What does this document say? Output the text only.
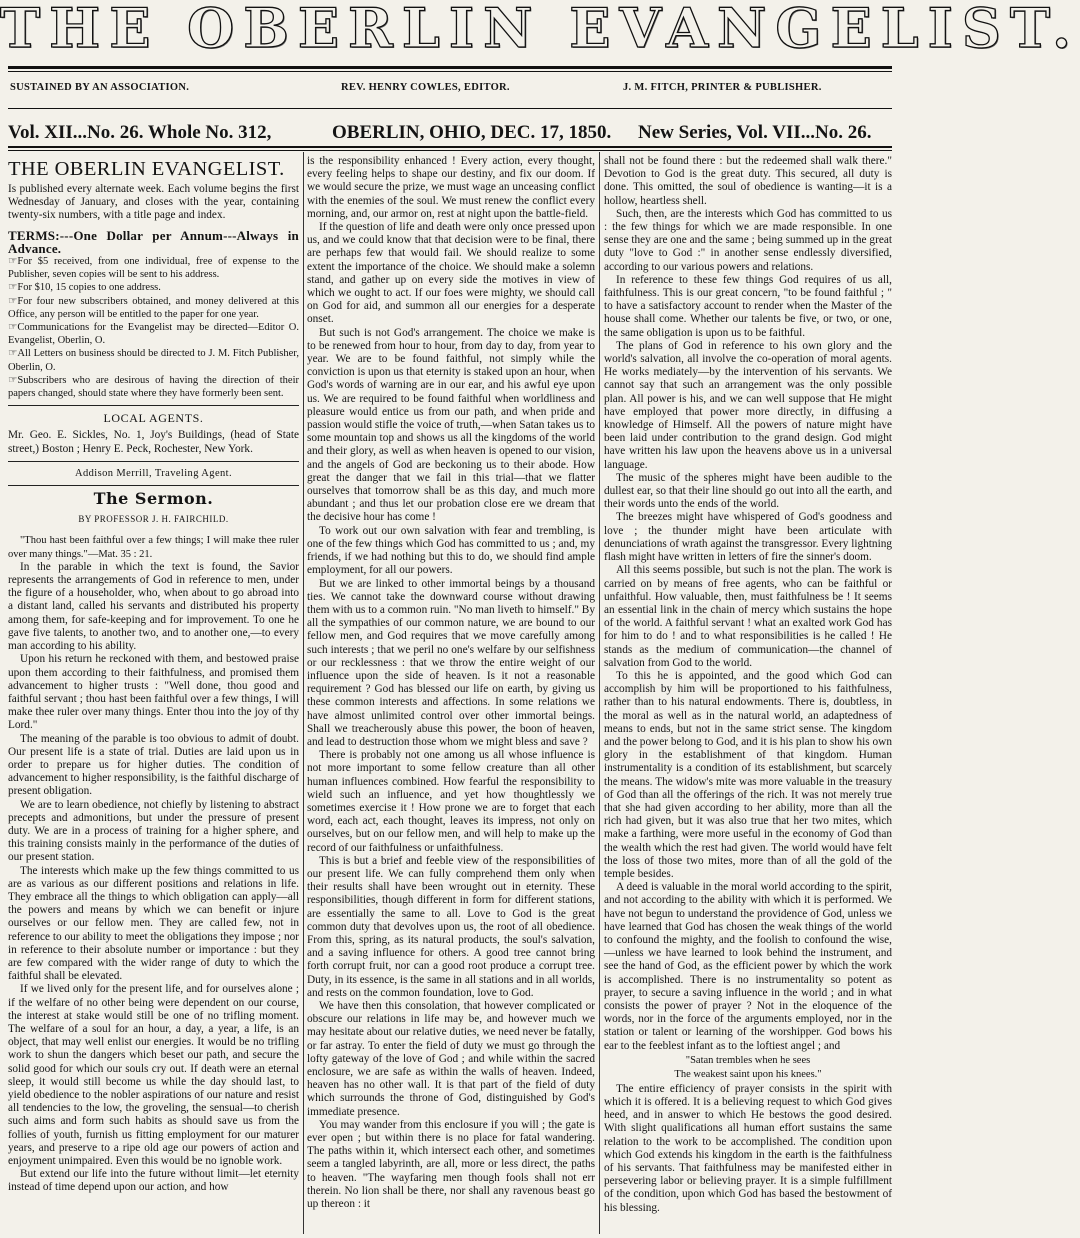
THE OBERLIN EVANGELIST.
SUSTAINED BY AN ASSOCIATION.	REV. HENRY COWLES, EDITOR.	J. M. FITCH, PRINTER & PUBLISHER.
Vol. XII...No. 26. Whole No. 312,	OBERLIN, OHIO, DEC. 17, 1850. New Series, Vol. VII...No. 26.
THE OBERLIN EVANGELIST.

Is published every alternate week. Each volume begins the first Wednesday of January, and closes with the year, containing twenty-six numbers, with a title page and index.

TERMS:---One Dollar per Annum---Always in Advance.

☞For $5 received, from one individual, free of expense to the Publisher, seven copies will be sent to his address.

☞For $10, 15 copies to one address.

☞For four new subscribers obtained, and money delivered at this Office, any person will be entitled to the paper for one year.

☞Communications for the Evangelist may be directed—Editor O. Evangelist, Oberlin, O.

☞All Letters on business should be directed to J. M. Fitch Publisher, Oberlin, O.

☞Subscribers who are desirous of having the direction of their papers changed, should state where they have formerly been sent.

LOCAL AGENTS.

Mr. Geo. E. Sickles, No. 1, Joy's Buildings, (head of State street,) Boston ; Henry E. Peck, Rochester, New York.

Addison Merrill, Traveling Agent.
The Sermon.
BY PROFESSOR J. H. FAIRCHILD.

"Thou hast been faithful over a few things; I will make thee ruler over many things."—Mat. 35 : 21.

In the parable in which the text is found, the Savior represents the arrangements of God in reference to men, under the figure of a householder, who, when about to go abroad into a distant land, called his servants and distributed his property among them, for safe-keeping and for improvement. To one he gave five talents, to another two, and to another one,—to every man according to his ability.

Upon his return he reckoned with them, and bestowed praise upon them according to their faithfulness, and promised them advancement to higher trusts : "Well done, thou good and faithful servant ; thou hast been faithful over a few things, I will make thee ruler over many things. Enter thou into the joy of thy Lord."

The meaning of the parable is too obvious to admit of doubt. Our present life is a state of trial. Duties are laid upon us in order to prepare us for higher duties. The condition of advancement to higher responsibility, is the faithful discharge of present obligation.

We are to learn obedience, not chiefly by listening to abstract precepts and admonitions, but under the pressure of present duty. We are in a process of training for a higher sphere, and this training consists mainly in the performance of the duties of our present station.

The interests which make up the few things committed to us are as various as our different positions and relations in life. They embrace all the things to which obligation can apply—all the powers and means by which we can benefit or injure ourselves or our fellow men. They are called few, not in reference to our ability to meet the obligations they impose ; nor in reference to their absolute number or importance : but they are few compared with the wider range of duty to which the faithful shall be elevated.

If we lived only for the present life, and for ourselves alone ; if the welfare of no other being were dependent on our course, the interest at stake would still be one of no trifling moment. The welfare of a soul for an hour, a day, a year, a life, is an object, that may well enlist our energies. It would be no trifling work to shun the dangers which beset our path, and secure the solid good for which our souls cry out. If death were an eternal sleep, it would still become us while the day should last, to yield obedience to the nobler aspirations of our nature and resist all tendencies to the low, the groveling, the sensual—to cherish such aims and form such habits as should save us from the follies of youth, furnish us fitting employment for our maturer years, and preserve to a ripe old age our powers of action and enjoyment unimpaired. Even this would be no ignoble work.

But extend our life into the future without limit—let eternity instead of time depend upon our action, and how

is the responsibility enhanced ! Every action, every thought, every feeling helps to shape our destiny, and fix our doom. If we would secure the prize, we must wage an unceasing conflict with the enemies of the soul. We must renew the conflict every morning, and, our armor on, rest at night upon the battle-field.

If the question of life and death were only once pressed upon us, and we could know that that decision were to be final, there are perhaps few that would fail. We should realize to some extent the importance of the choice. We should make a solemn stand, and gather up on every side the motives in view of which we ought to act. If our foes were mighty, we should call on God for aid, and summon all our energies for a desperate onset.

But such is not God's arrangement. The choice we make is to be renewed from hour to hour, from day to day, from year to year. We are to be found faithful, not simply while the conviction is upon us that eternity is staked upon an hour, when God's words of warning are in our ear, and his awful eye upon us. We are required to be found faithful when worldliness and pleasure would entice us from our path, and when pride and passion would stifle the voice of truth,—when Satan takes us to some mountain top and shows us all the kingdoms of the world and their glory, as well as when heaven is opened to our vision, and the angels of God are beckoning us to their abode. How great the danger that we fail in this trial—that we flatter ourselves that tomorrow shall be as this day, and much more abundant ; and thus let our probation close ere we dream that the decisive hour has come !

To work out our own salvation with fear and trembling, is one of the few things which God has committed to us ; and, my friends, if we had nothing but this to do, we should find ample employment, for all our powers.

But we are linked to other immortal beings by a thousand ties. We cannot take the downward course without drawing them with us to a common ruin. "No man liveth to himself." By all the sympathies of our common nature, we are bound to our fellow men, and God requires that we move carefully among such interests ; that we peril no one's welfare by our selfishness or our recklessness : that we throw the entire weight of our influence upon the side of heaven. Is it not a reasonable requirement ? God has blessed our life on earth, by giving us these common interests and affections. In some relations we have almost unlimited control over other immortal beings. Shall we treacherously abuse this power, the boon of heaven, and lead to destruction those whom we might bless and save ?

There is probably not one among us all whose influence is not more important to some fellow creature than all other human influences combined. How fearful the responsibility to wield such an influence, and yet how thoughtlessly we sometimes exercise it ! How prone we are to forget that each word, each act, each thought, leaves its impress, not only on ourselves, but on our fellow men, and will help to make up the record of our faithfulness or unfaithfulness.

This is but a brief and feeble view of the responsibilities of our present life. We can fully comprehend them only when their results shall have been wrought out in eternity. These responsibilities, though different in form for different stations, are essentially the same to all. Love to God is the great common duty that devolves upon us, the root of all obedience. From this, spring, as its natural products, the soul's salvation, and a saving influence for others. A good tree cannot bring forth corrupt fruit, nor can a good root produce a corrupt tree. Duty, in its essence, is the same in all stations and in all worlds, and rests on the common foundation, love to God.

We have then this consolation, that however complicated or obscure our relations in life may be, and however much we may hesitate about our relative duties, we need never be fatally, or far astray. To enter the field of duty we must go through the lofty gateway of the love of God ; and while within the sacred enclosure, we are safe as within the walls of heaven. Indeed, heaven has no other wall. It is that part of the field of duty which surrounds the throne of God, distinguished by God's immediate presence.

You may wander from this enclosure if you will ; the gate is ever open ; but within there is no place for fatal wandering. The paths within it, which intersect each other, and sometimes seem a tangled labyrinth, are all, more or less direct, the paths to heaven. "The wayfaring men though fools shall not err therein. No lion shall be there, nor shall any ravenous beast go up thereon : it

shall not be found there : but the redeemed shall walk there." Devotion to God is the great duty. This secured, all duty is done. This omitted, the soul of obedience is wanting—it is a hollow, heartless shell.

Such, then, are the interests which God has committed to us : the few things for which we are made responsible. In one sense they are one and the same ; being summed up in the great duty "love to God :" in another sense endlessly diversified, according to our various powers and relations.

In reference to these few things God requires of us all, faithfulness. This is our great concern, "to be found faithful ; " to have a satisfactory account to render when the Master of the house shall come. Whether our talents be five, or two, or one, the same obligation is upon us to be faithful.

The plans of God in reference to his own glory and the world's salvation, all involve the co-operation of moral agents. He works mediately—by the intervention of his servants. We cannot say that such an arrangement was the only possible plan. All power is his, and we can well suppose that He might have employed that power more directly, in diffusing a knowledge of Himself. All the powers of nature might have been laid under contribution to the grand design. God might have written his law upon the heavens above us in a universal language.

The music of the spheres might have been audible to the dullest ear, so that their line should go out into all the earth, and their words unto the ends of the world.

The breezes might have whispered of God's goodness and love ; the thunder might have been articulate with denunciations of wrath against the transgressor. Every lightning flash might have written in letters of fire the sinner's doom.

All this seems possible, but such is not the plan. The work is carried on by means of free agents, who can be faithful or unfaithful. How valuable, then, must faithfulness be ! It seems an essential link in the chain of mercy which sustains the hope of the world. A faithful servant ! what an exalted work God has for him to do ! and to what responsibilities is he called ! He stands as the medium of communication—the channel of salvation from God to the world.

To this he is appointed, and the good which God can accomplish by him will be proportioned to his faithfulness, rather than to his natural endowments. There is, doubtless, in the moral as well as in the natural world, an adaptedness of means to ends, but not in the same strict sense. The kingdom and the power belong to God, and it is his plan to show his own glory in the establishment of that kingdom. Human instrumentality is a condition of its establishment, but scarcely the means. The widow's mite was more valuable in the treasury of God than all the offerings of the rich. It was not merely true that she had given according to her ability, more than all the rich had given, but it was also true that her two mites, which make a farthing, were more useful in the economy of God than the wealth which the rest had given. The world would have felt the loss of those two mites, more than of all the gold of the temple besides.

A deed is valuable in the moral world according to the spirit, and not according to the ability with which it is performed. We have not begun to understand the providence of God, unless we have learned that God has chosen the weak things of the world to confound the mighty, and the foolish to confound the wise,—unless we have learned to look behind the instrument, and see the hand of God, as the efficient power by which the work is accomplished. There is no instrumentality so potent as prayer, to secure a saving influence in the world ; and in what consists the power of prayer ? Not in the eloquence of the words, nor in the force of the arguments employed, nor in the station or talent or learning of the worshipper. God bows his ear to the feeblest infant as to the loftiest angel ; and

"Satan trembles when he sees
The weakest saint upon his knees."

The entire efficiency of prayer consists in the spirit with which it is offered. It is a believing request to which God gives heed, and in answer to which He bestows the good desired. With slight qualifications all human effort sustains the same relation to the work to be accomplished. The condition upon which God extends his kingdom in the earth is the faithfulness of his servants. That faithfulness may be manifested either in persevering labor or believing prayer. It is a simple fulfillment of the condition, upon which God has based the bestowment of his blessing.
